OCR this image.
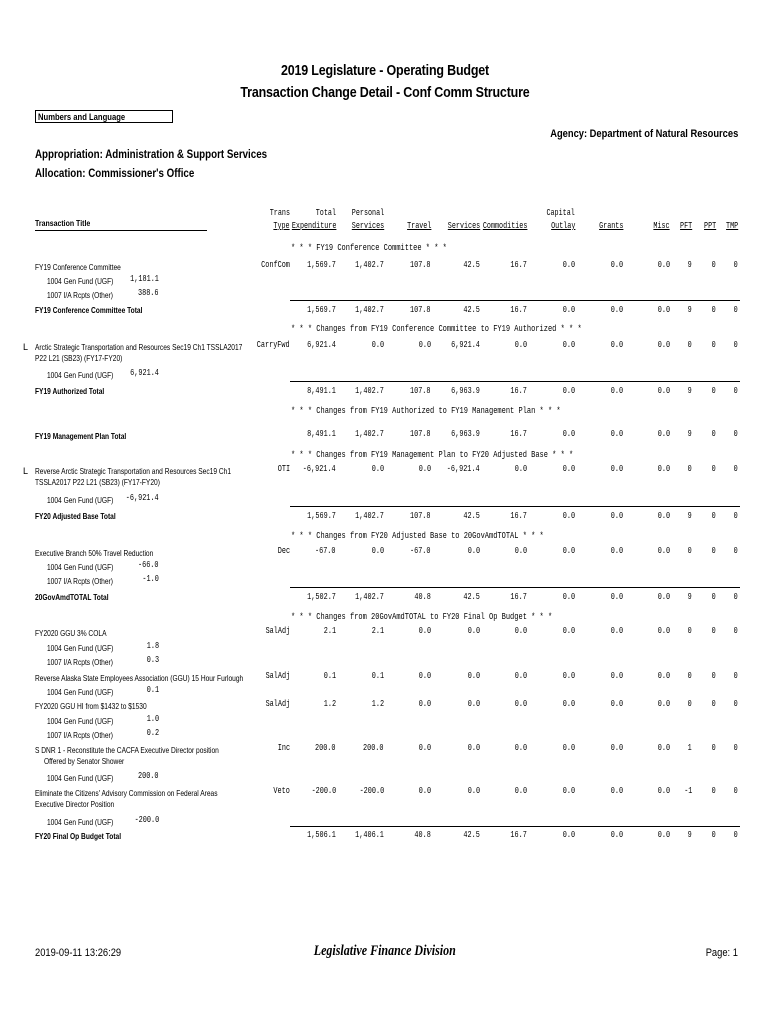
2019 Legislature - Operating Budget
Transaction Change Detail - Conf Comm Structure
Numbers and Language
Agency: Department of Natural Resources
Appropriation: Administration & Support Services
Allocation: Commissioner's Office
Transaction Title
Trans
Type
Total
Expenditure
Personal
Services	Travel Services Commodities
Capital
Outlay	Grants	Misc PFT PPT TMP
* * * FY19 Conference Committee * * *
FY19 Conference Committee	ConfCom 1,569.7 1,402.7	107.8	42.5	16.7	0.0	0.0	0.0 9 0 0
1004 Gen Fund (UGF) 1,181.1
1007 I/A Rcpts (Other)	388.6
FY19 Conference Committee Total	1,569.7 1,402.7	107.8	42.5	16.7	0.0	0.0	0.0 9 0 0
* * * Changes from FY19 Conference Committee to FY19 Authorized * * *
L Arctic Strategic Transportation and Resources Sec19 Ch1 TSSLA2017
P22 L21 (SB23) (FY17-FY20)
CarryFwd 6,921.4	0.0	0.0 6,921.4	0.0	0.0	0.0	0.0 0 0 0
1004 Gen Fund (UGF) 6,921.4
FY19 Authorized Total	8,491.1 1,402.7	107.8 6,963.9	16.7	0.0	0.0	0.0 9 0 0
* * * Changes from FY19 Authorized to FY19 Management Plan * * *
FY19 Management Plan Total	8,491.1 1,402.7	107.8 6,963.9	16.7	0.0	0.0	0.0 9 0 0
* * * Changes from FY19 Management Plan to FY20 Adjusted Base * * *
L Reverse Arctic Strategic Transportation and Resources Sec19 Ch1
TSSLA2017 P22 L21 (SB23) (FY17-FY20)
OTI -6,921.4	0.0	0.0 -6,921.4	0.0	0.0	0.0	0.0 0 0 0
1004 Gen Fund (UGF) -6,921.4
FY20 Adjusted Base Total	1,569.7 1,402.7	107.8	42.5	16.7	0.0	0.0	0.0 9 0 0
* * * Changes from FY20 Adjusted Base to 20GovAmdTOTAL * * *
Executive Branch 50% Travel Reduction	Dec	-67.0	0.0	-67.0	0.0	0.0	0.0	0.0	0.0 0 0 0
1004 Gen Fund (UGF)	-66.0
1007 I/A Rcpts (Other)	-1.0
20GovAmdTOTAL Total	1,502.7 1,402.7	40.8	42.5	16.7	0.0	0.0	0.0 9 0 0
* * * Changes from 20GovAmdTOTAL to FY20 Final Op Budget * * *
FY2020 GGU 3% COLA	SalAdj	2.1	2.1	0.0	0.0	0.0	0.0	0.0	0.0 0 0 0
1004 Gen Fund (UGF)	1.8
1007 I/A Rcpts (Other)	0.3
Reverse Alaska State Employees Association (GGU) 15 Hour Furlough SalAdj	0.1	0.1	0.0	0.0	0.0	0.0	0.0	0.0 0 0 0
1004 Gen Fund (UGF)	0.1
FY2020 GGU HI from $1432 to $1530	SalAdj	1.2	1.2	0.0	0.0	0.0	0.0	0.0	0.0 0 0 0
1004 Gen Fund (UGF)	1.0
1007 I/A Rcpts (Other)	0.2
S DNR 1 - Reconstitute the CACFA Executive Director position
Offered by Senator Shower
Inc	200.0	200.0	0.0	0.0	0.0	0.0	0.0	0.0 1 0 0
1004 Gen Fund (UGF)	200.0
Eliminate the Citizens' Advisory Commission on Federal Areas
Executive Director Position
Veto -200.0 -200.0	0.0	0.0	0.0	0.0	0.0	0.0 -1 0 0
1004 Gen Fund (UGF) -200.0
FY20 Final Op Budget Total	1,506.1 1,406.1	40.8	42.5	16.7	0.0	0.0	0.0 9 0 0
2019-09-11 13:26:29	Legislative Finance Division	Page: 1
